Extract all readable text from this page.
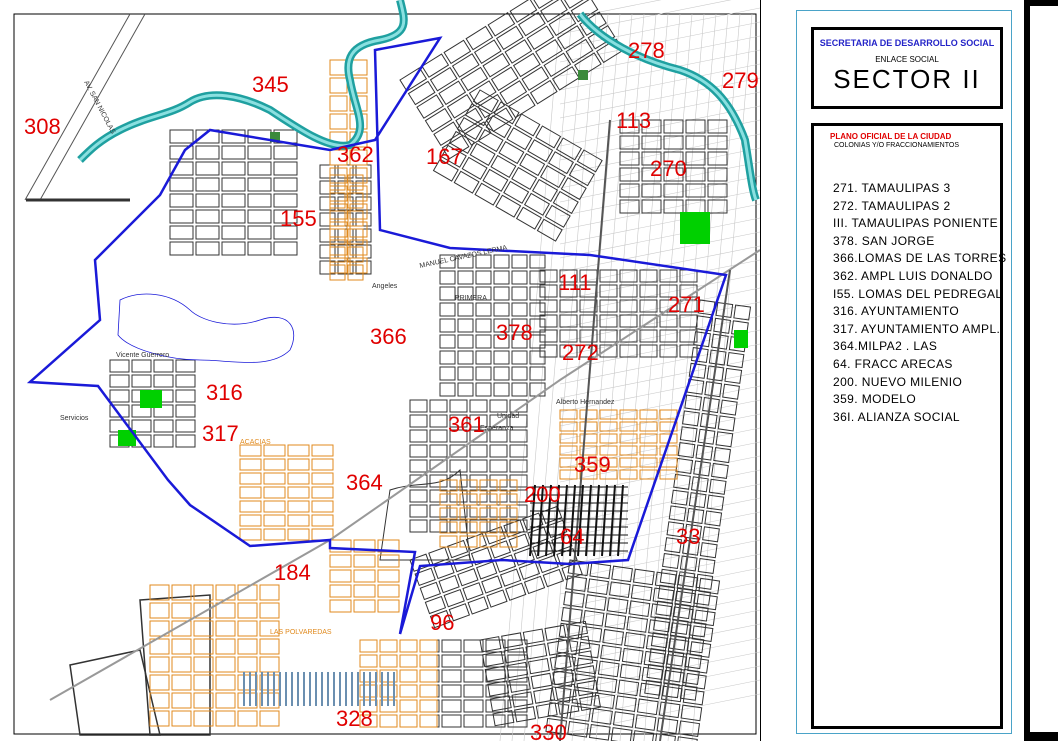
345
308
362 167
113
270
278
279
155
111
271
366	378
272
316
361
317
359
364	200
64	33
184
96
328
330
AV. SAN NICOLAS
Angeles
PRIMERA
Unidad
Esperanza
Alberto Hernandez
LAS POLVAREDAS
ACACIAS
MANUEL CAVAZOS LERMA
Vicente Guerrero
Servicios
SECRETARIA DE DESARROLLO SOCIAL
ENLACE SOCIAL
SECTOR II
PLANO OFICIAL DE LA CIUDAD
COLONIAS Y/O FRACCIONAMIENTOS
271. TAMAULIPAS 3
272. TAMAULIPAS 2
III. TAMAULIPAS PONIENTE
378. SAN JORGE
366.LOMAS DE LAS TORRES
362. AMPL LUIS DONALDO
I55. LOMAS DEL PEDREGAL
316. AYUNTAMIENTO
317. AYUNTAMIENTO AMPL.
364.MILPA2 . LAS
64. FRACC ARECAS
200. NUEVO MILENIO
359. MODELO
36I. ALIANZA SOCIAL
